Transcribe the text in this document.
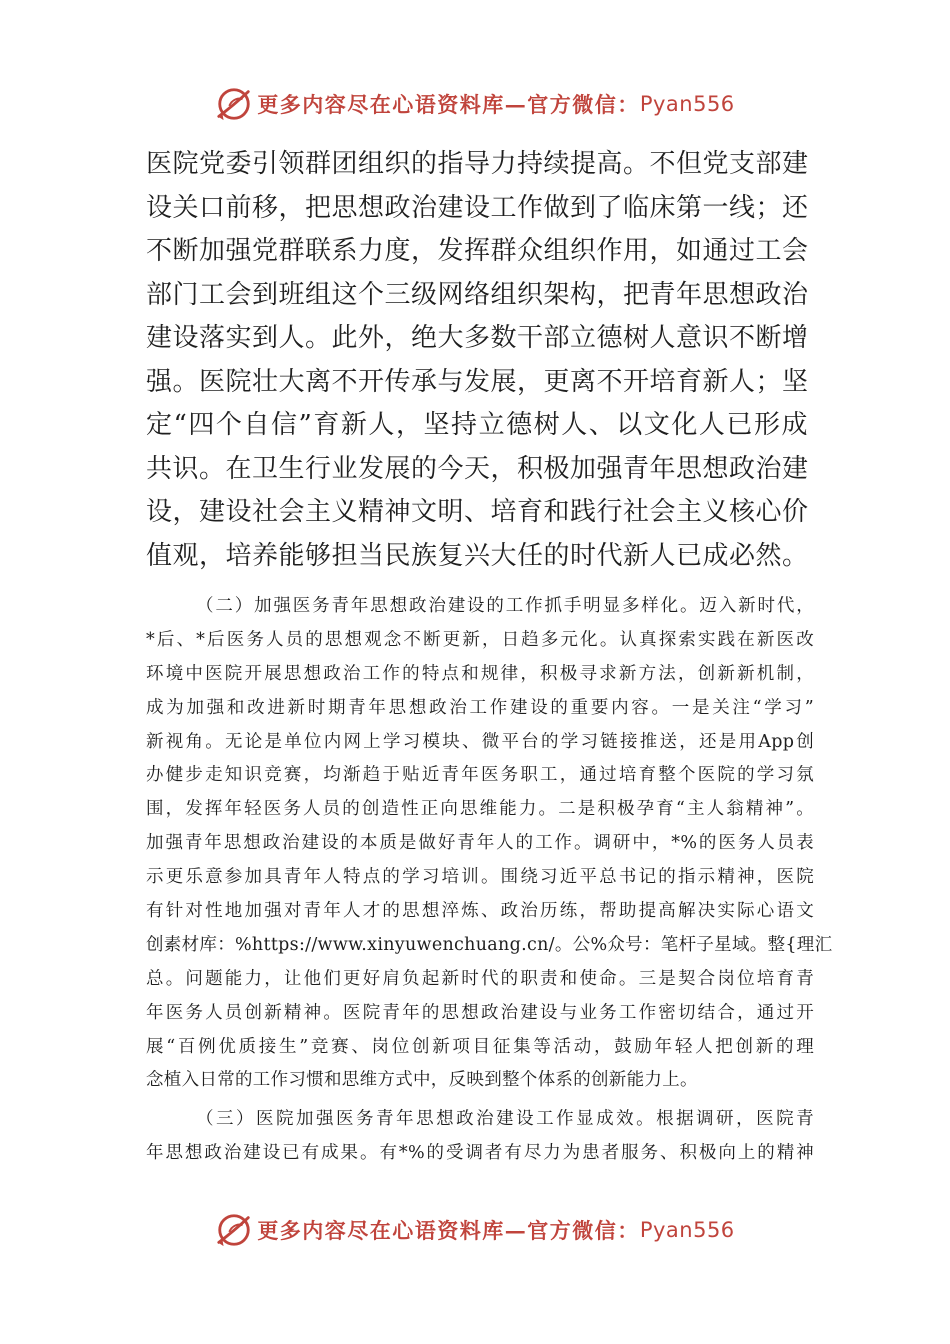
更多内容尽在心语资料库—官方微信： Pyan556
医院党委引领群团组织的指导力持续提高。不但党支部建
设关口前移，把思想政治建设工作做到了临床第一线；还
不断加强党群联系力度，发挥群众组织作用，如通过工会
部门工会到班组这个三级网络组织架构，把青年思想政治
建设落实到人。此外，绝大多数干部立德树人意识不断增
强。医院壮大离不开传承与发展，更离不开培育新人；坚
定“四个自信”育新人，坚持立德树人、以文化人已形成
共识。在卫生行业发展的今天，积极加强青年思想政治建
设，建设社会主义精神文明、培育和践行社会主义核心价
值观，培养能够担当民族复兴大任的时代新人已成必然。
（二）加强医务青年思想政治建设的工作抓手明显多样化。迈入新时代，
*后、*后医务人员的思想观念不断更新，日趋多元化。认真探索实践在新医改
环境中医院开展思想政治工作的特点和规律，积极寻求新方法，创新新机制，
成为加强和改进新时期青年思想政治工作建设的重要内容。一是关注“学习”
新视角。无论是单位内网上学习模块、微平台的学习链接推送，还是用App创
办健步走知识竞赛，均渐趋于贴近青年医务职工，通过培育整个医院的学习氛
围，发挥年轻医务人员的创造性正向思维能力。二是积极孕育“主人翁精神”。
加强青年思想政治建设的本质是做好青年人的工作。调研中，*%的医务人员表
示更乐意参加具青年人特点的学习培训。围绕习近平总书记的指示精神，医院
有针对性地加强对青年人才的思想淬炼、政治历练，帮助提高解决实际心语文
创素材库：%https://www.xinyuwenchuang.cn/。公%众号：笔杆子星域。整{理汇
总。问题能力，让他们更好肩负起新时代的职责和使命。三是契合岗位培育青
年医务人员创新精神。医院青年的思想政治建设与业务工作密切结合，通过开
展“百例优质接生”竞赛、岗位创新项目征集等活动，鼓励年轻人把创新的理
念植入日常的工作习惯和思维方式中，反映到整个体系的创新能力上。
（三）医院加强医务青年思想政治建设工作显成效。根据调研，医院青
年思想政治建设已有成果。有*%的受调者有尽力为患者服务、积极向上的精神
更多内容尽在心语资料库—官方微信： Pyan556
